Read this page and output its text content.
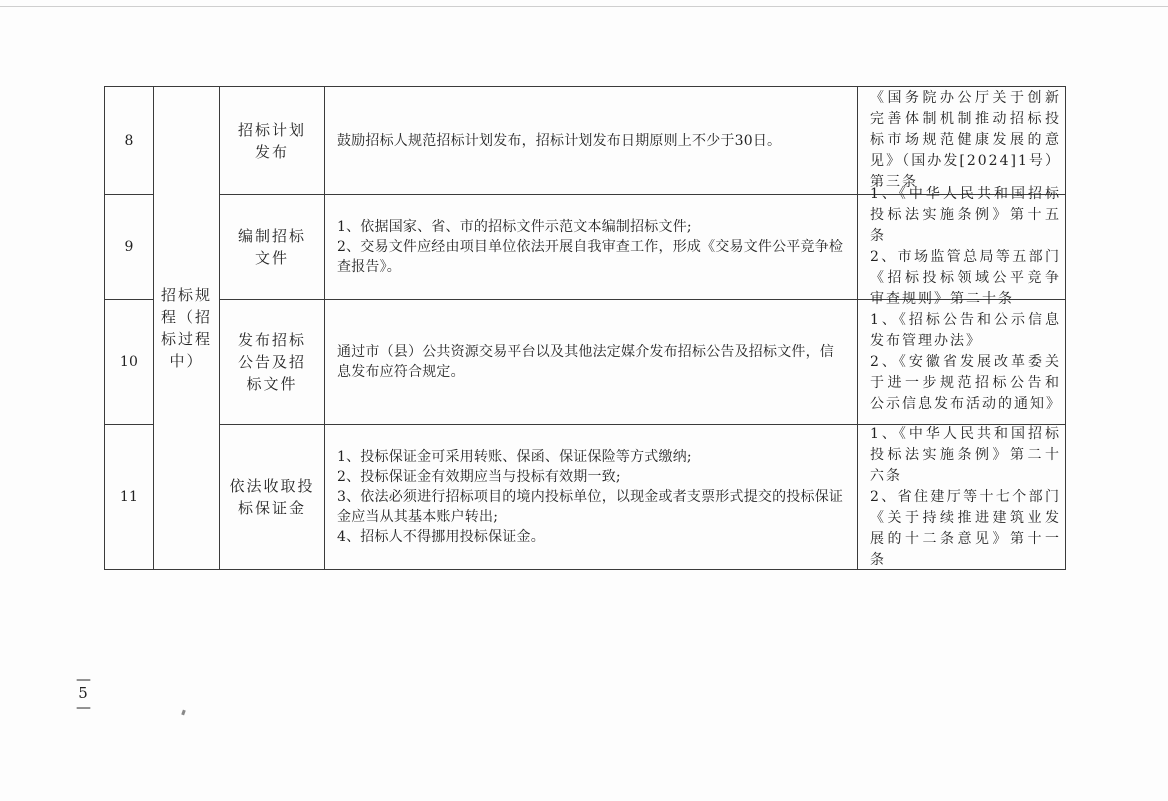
招标规程（招标过程中）
8
招标计划发布
鼓励招标人规范招标计划发布，招标计划发布日期原则上不少于30日。
《国务院办公厅关于创新完善体制机制推动招标投标市场规范健康发展的意见》（国办发[2024]1号）第三条
9
编制招标文件
1、依据国家、省、市的招标文件示范文本编制招标文件;
2、交易文件应经由项目单位依法开展自我审查工作，形成《交易文件公平竞争检查报告》。
1、《中华人民共和国招标投标法实施条例》第十五条
2、市场监管总局等五部门《招标投标领域公平竞争审查规则》第二十条
10
发布招标公告及招标文件
通过市（县）公共资源交易平台以及其他法定媒介发布招标公告及招标文件，信息发布应符合规定。
1、《招标公告和公示信息发布管理办法》
2、《安徽省发展改革委关于进一步规范招标公告和公示信息发布活动的通知》
11
依法收取投标保证金
1、投标保证金可采用转账、保函、保证保险等方式缴纳;
2、投标保证金有效期应当与投标有效期一致;
3、依法必须进行招标项目的境内投标单位，以现金或者支票形式提交的投标保证金应当从其基本账户转出;
4、招标人不得挪用投标保证金。
1、《中华人民共和国招标投标法实施条例》第二十六条
2、省住建厅等十七个部门《关于持续推进建筑业发展的十二条意见》第十一条
—5—
